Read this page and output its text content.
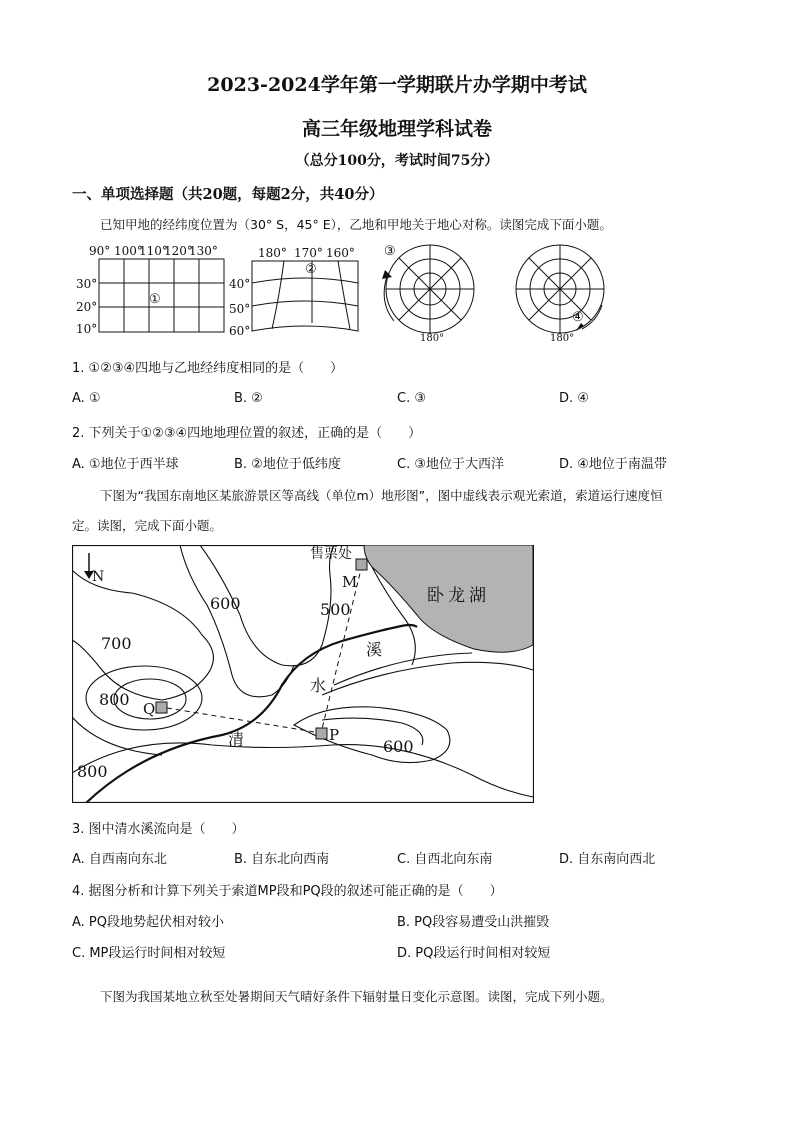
2023-2024学年第一学期联片办学期中考试
高三年级地理学科试卷
（总分100分，考试时间75分）
一、单项选择题（共20题，每题2分，共40分）
已知甲地的经纬度位置为（30° S，45° E），乙地和甲地关于地心对称。读图完成下面小题。
90° 100°
110°
120°
130°
30°
20°
10°
①
180° 170° 160°
40°
50°
60°
②
③
180°
④
180°
1. ①②③④四地与乙地经纬度相同的是（　　）
A. ①	B. ②	C. ③	D. ④
2. 下列关于①②③④四地地理位置的叙述，正确的是（　　）
A. ①地位于西半球	B. ②地位于低纬度	C. ③地位于大西洋	D. ④地位于南温带
下图为“我国东南地区某旅游景区等高线（单位m）地形图”，图中虚线表示观光索道，索道运行速度恒
定。读图，完成下面小题。
N
售票处
卧龙湖
M
P
Q
溪
水
清
600	500
700
800
600
800
3. 图中清水溪流向是（　　）
A. 自西南向东北	B. 自东北向西南	C. 自西北向东南	D. 自东南向西北
4. 据图分析和计算下列关于索道MP段和PQ段的叙述可能正确的是（　　）
A. PQ段地势起伏相对较小	B. PQ段容易遭受山洪摧毁
C. MP段运行时间相对较短	D. PQ段运行时间相对较短
下图为我国某地立秋至处暑期间天气晴好条件下辐射量日变化示意图。读图，完成下列小题。
